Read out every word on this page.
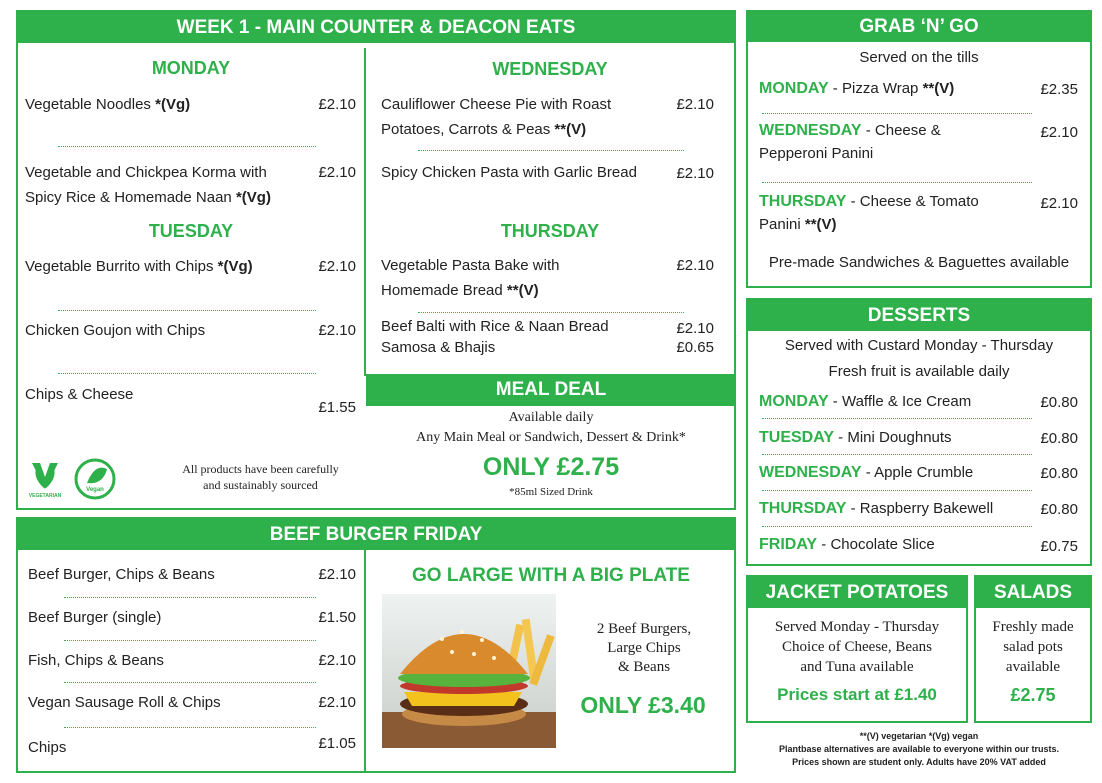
WEEK 1 - MAIN COUNTER & DEACON EATS
MONDAY
Vegetable Noodles *(Vg)	£2.10
Vegetable and Chickpea Korma with
Spicy Rice & Homemade Naan *(Vg)
£2.10
TUESDAY
Vegetable Burrito with Chips *(Vg)	£2.10
Chicken Goujon with Chips	£2.10
Chips & Cheese
£1.55
VEGETARIAN
Vegan
All products have been carefully
and sustainably sourced
WEDNESDAY
Cauliflower Cheese Pie with Roast
Potatoes, Carrots & Peas **(V)
£2.10
Spicy Chicken Pasta with Garlic Bread	£2.10
THURSDAY
Vegetable Pasta Bake with
Homemade Bread **(V)
£2.10
Beef Balti with Rice & Naan Bread	£2.10
Samosa & Bhajis	£0.65
MEAL DEAL
Available daily
Any Main Meal or Sandwich, Dessert & Drink*
ONLY £2.75
*85ml Sized Drink
GRAB ‘N’ GO
Served on the tills
MONDAY - Pizza Wrap **(V)	£2.35
WEDNESDAY - Cheese &
Pepperoni Panini
£2.10
THURSDAY - Cheese & Tomato
Panini **(V)
£2.10
Pre-made Sandwiches & Baguettes available
DESSERTS
Served with Custard Monday - Thursday
Fresh fruit is available daily
MONDAY - Waffle & Ice Cream	£0.80
TUESDAY - Mini Doughnuts	£0.80
WEDNESDAY - Apple Crumble	£0.80
THURSDAY - Raspberry Bakewell	£0.80
FRIDAY - Chocolate Slice	£0.75
BEEF BURGER FRIDAY
Beef Burger, Chips & Beans	£2.10
Beef Burger (single)	£1.50
Fish, Chips & Beans	£2.10
Vegan Sausage Roll & Chips	£2.10
Chips	£1.05
GO LARGE WITH A BIG PLATE
2 Beef Burgers,
Large Chips
& Beans
ONLY £3.40
JACKET POTATOES
Served Monday - Thursday
Choice of Cheese, Beans
and Tuna available
Prices start at £1.40
SALADS
Freshly made
salad pots
available
£2.75
**(V) vegetarian *(Vg) vegan
Plantbase alternatives are available to everyone within our trusts.
Prices shown are student only. Adults have 20% VAT added
